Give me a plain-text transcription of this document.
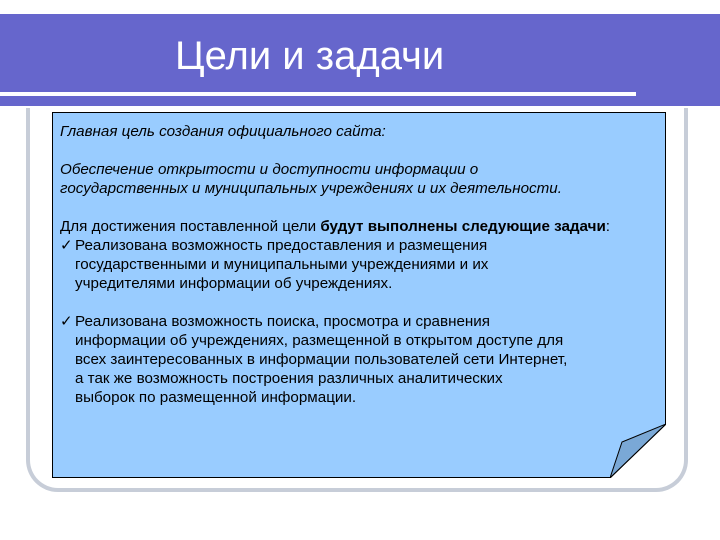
Цели и задачи

Главная цель создания официального сайта:

Обеспечение открытости и доступности информации о

государственных и муниципальных учреждениях и их деятельности.

Для достижения поставленной цели будут выполнены следующие задачи:

✓ Реализована возможность предоставления и размещения

государственными и муниципальными учреждениями и их

учредителями информации об учреждениях.

✓ Реализована возможность поиска, просмотра и сравнения

информации об учреждениях, размещенной в открытом доступе для

всех заинтересованных в информации пользователей сети Интернет,

а так же возможность построения различных аналитических

выборок по размещенной информации.
